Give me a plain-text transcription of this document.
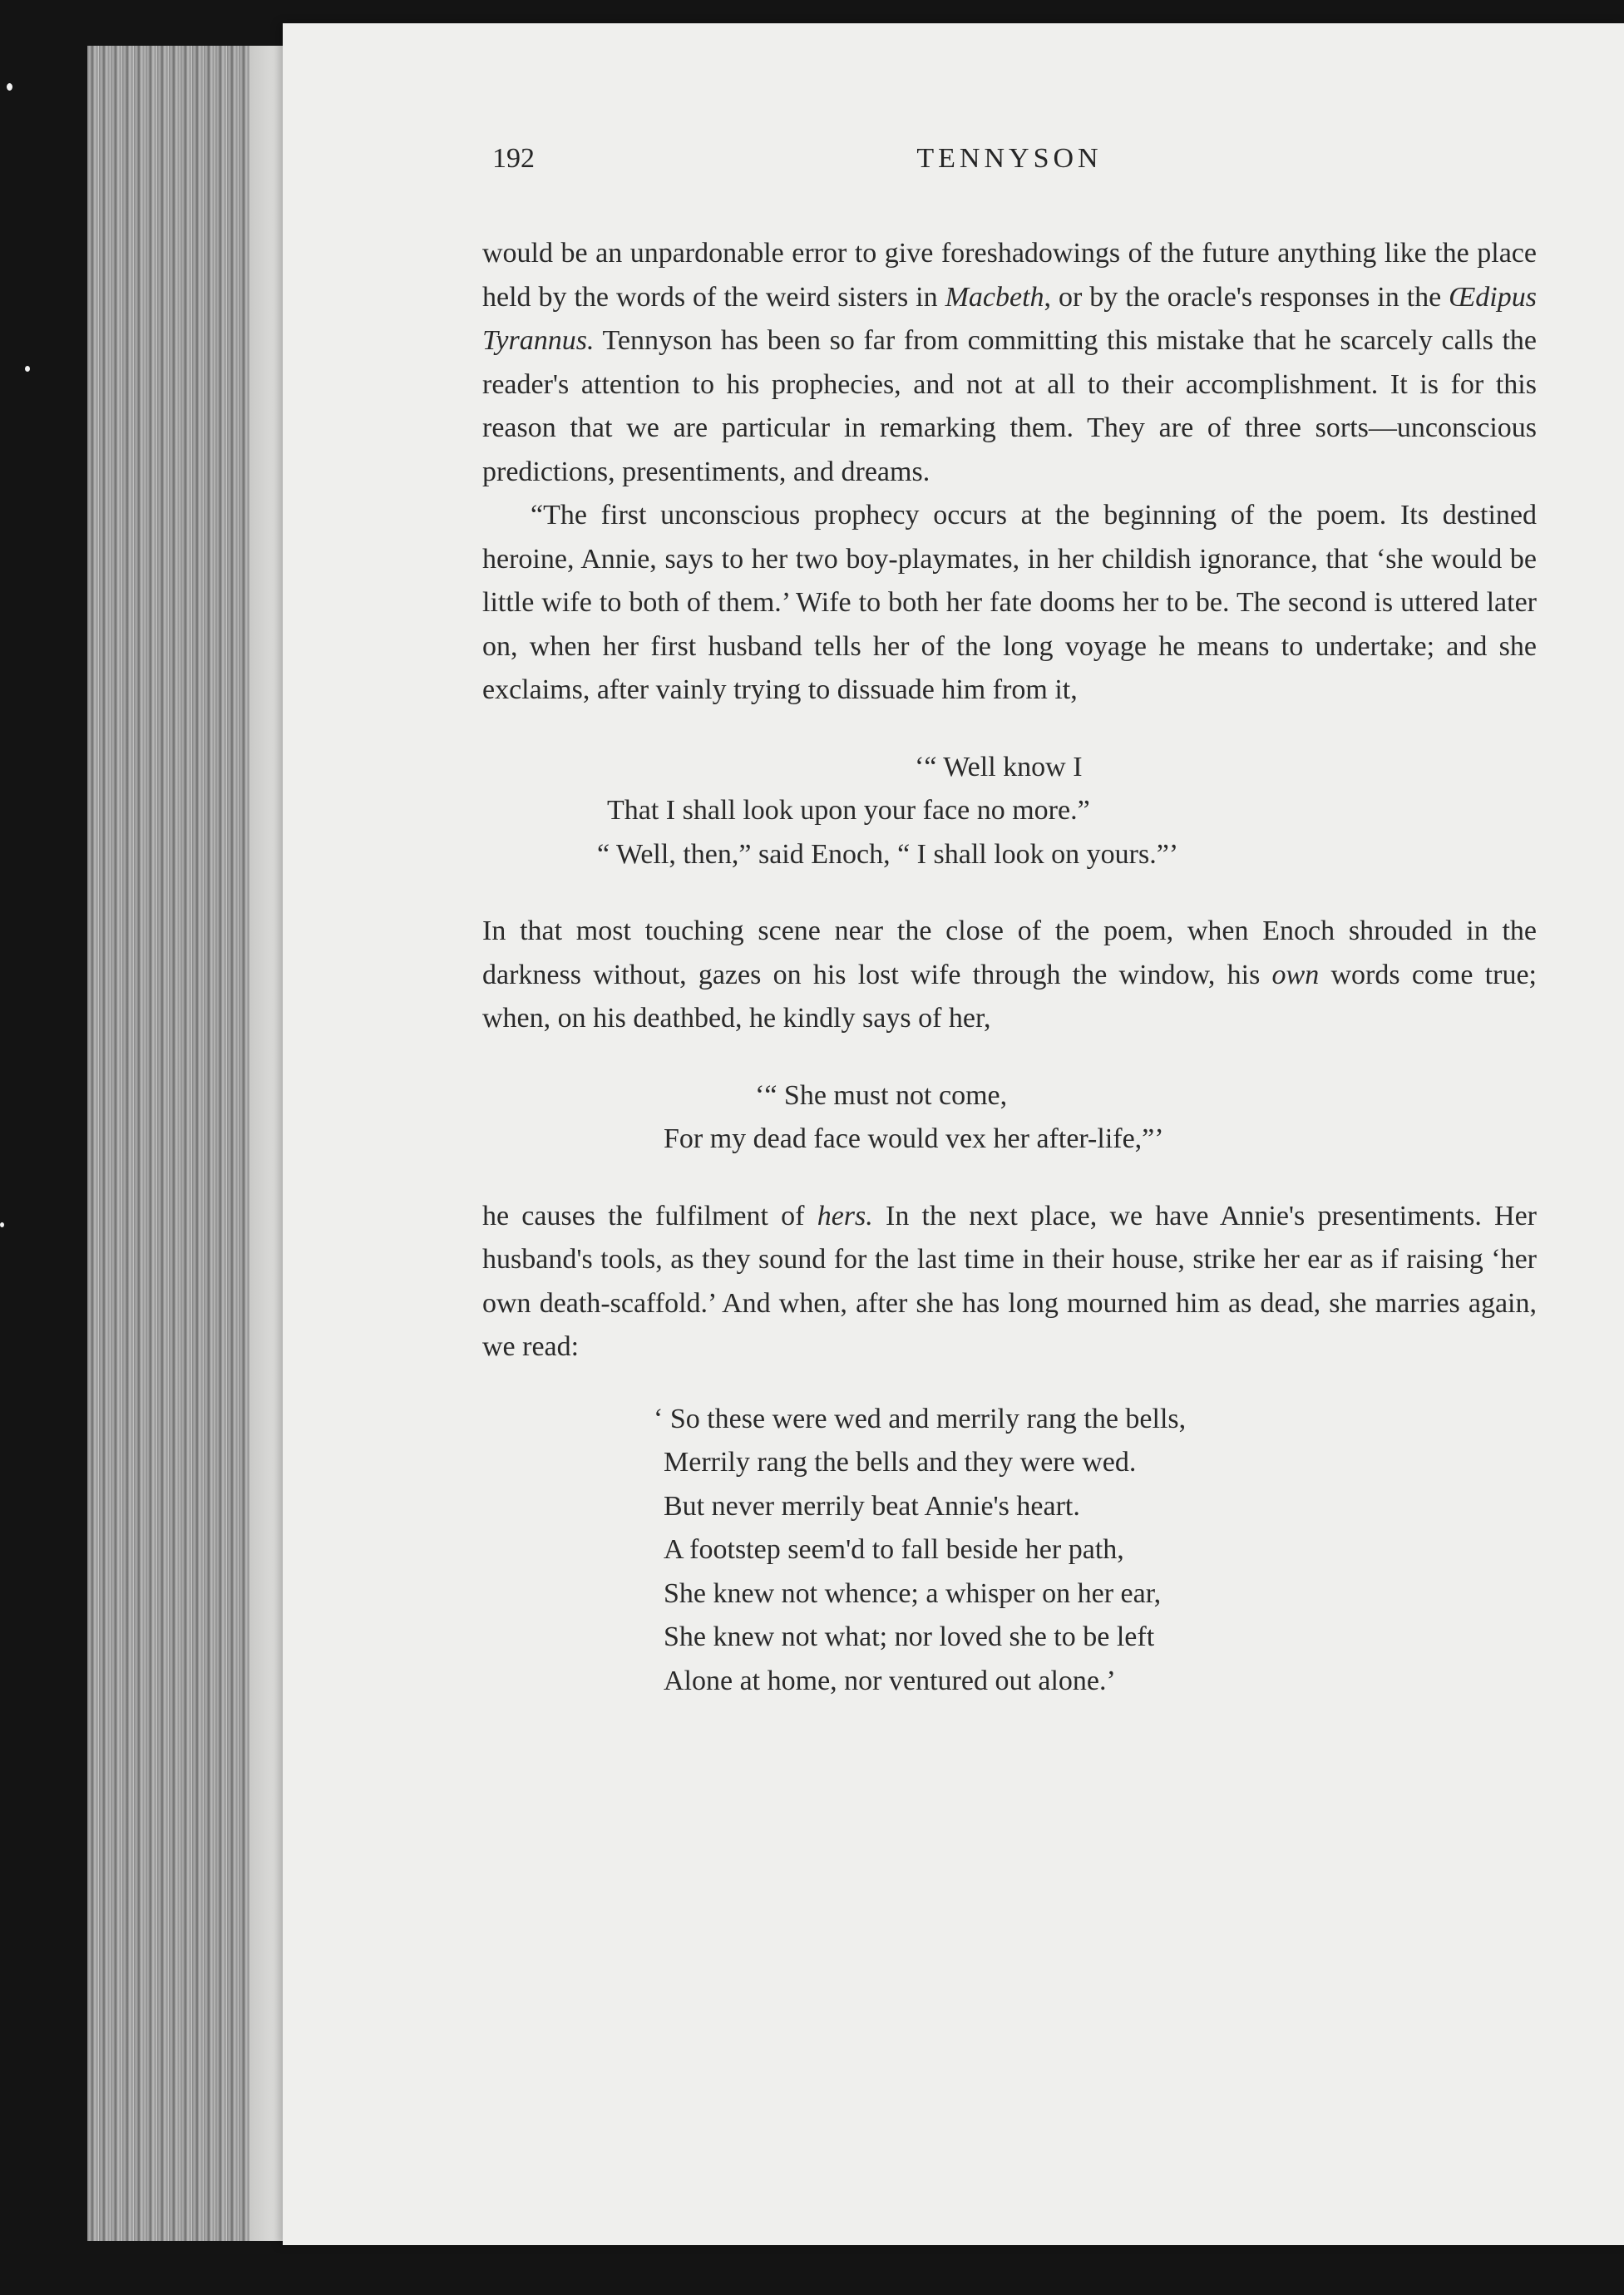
192	TENNYSON

would be an unpardonable error to give foreshadowings of the future anything like the place held by the words of the weird sisters in Macbeth, or by the oracle's responses in the Œdipus Tyrannus. Tennyson has been so far from committing this mistake that he scarcely calls the reader's attention to his prophecies, and not at all to their accomplishment. It is for this reason that we are particular in remarking them. They are of three sorts—unconscious predictions, presentiments, and dreams.

“The first unconscious prophecy occurs at the beginning of the poem. Its destined heroine, Annie, says to her two boy-playmates, in her childish ignorance, that ‘she would be little wife to both of them.’ Wife to both her fate dooms her to be. The second is uttered later on, when her first husband tells her of the long voyage he means to undertake; and she exclaims, after vainly trying to dissuade him from it,

‘“ Well know I
That I shall look upon your face no more.”
“ Well, then,” said Enoch, “ I shall look on yours.”’

In that most touching scene near the close of the poem, when Enoch shrouded in the darkness without, gazes on his lost wife through the window, his own words come true; when, on his deathbed, he kindly says of her,

‘“ She must not come,
For my dead face would vex her after-life,”’

he causes the fulfilment of hers. In the next place, we have Annie's presentiments. Her husband's tools, as they sound for the last time in their house, strike her ear as if raising ‘her own death-scaffold.’ And when, after she has long mourned him as dead, she marries again, we read:

‘ So these were wed and merrily rang the bells,
Merrily rang the bells and they were wed.
But never merrily beat Annie's heart.
A footstep seem'd to fall beside her path,
She knew not whence; a whisper on her ear,
She knew not what; nor loved she to be left
Alone at home, nor ventured out alone.’
